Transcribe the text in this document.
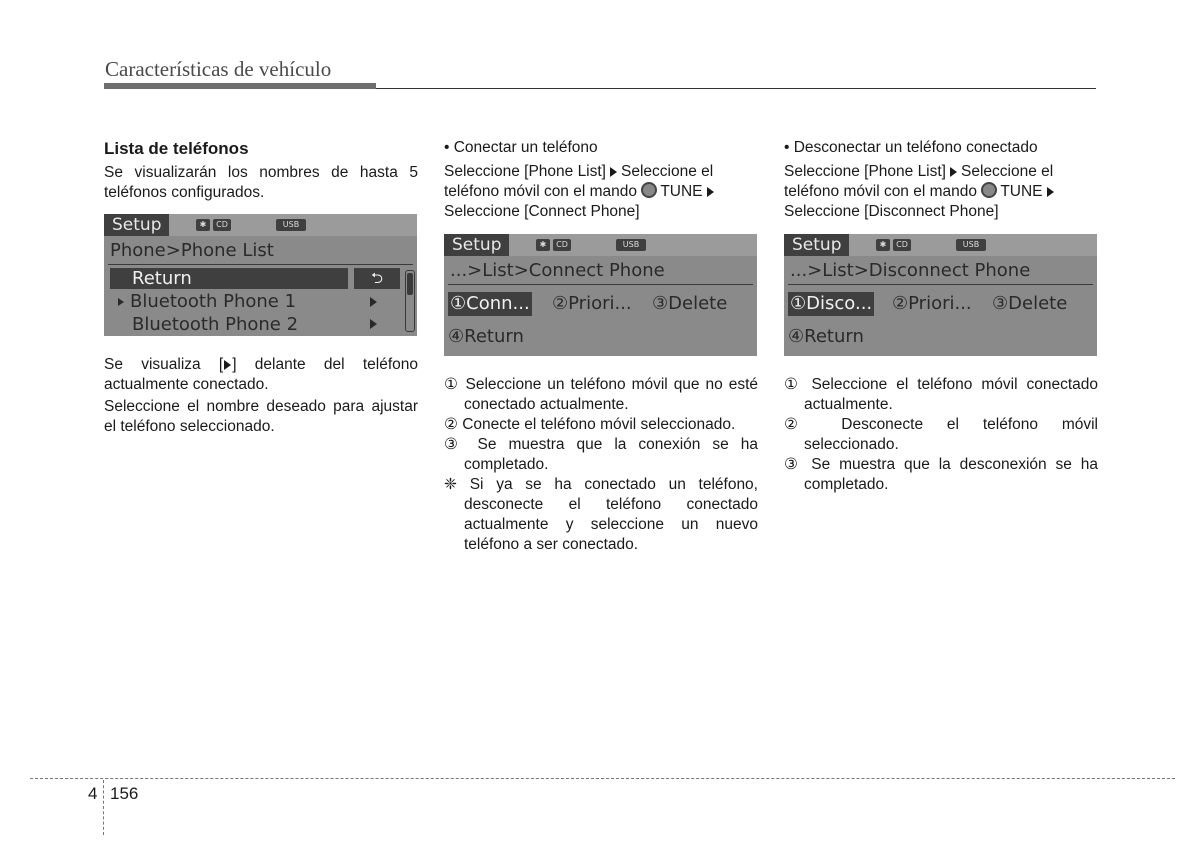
Características de vehículo
Lista de teléfonos

Se visualizarán los nombres de hasta 5 teléfonos configurados.

Setup	✱	CD	USB
Phone>Phone List
Return	⮌
Bluetooth Phone 1
Bluetooth Phone 2

Se visualiza [ ] delante del teléfono actualmente conectado.

Seleccione el nombre deseado para ajustar el teléfono seleccionado.

• Conectar un teléfono

Seleccione [Phone List] Seleccione el teléfono móvil con el mando TUNE
Seleccione [Connect Phone]

Setup	✱	CD	USB
...>List>Connect Phone
①Conn... ②Priori... ③Delete
④Return

① Seleccione un teléfono móvil que no esté conectado actualmente.

② Conecte el teléfono móvil seleccionado.

③ Se muestra que la conexión se ha completado.

❈ Si ya se ha conectado un teléfono, desconecte el teléfono conectado actualmente y seleccione un nuevo teléfono a ser conectado.

• Desconectar un teléfono conectado

Seleccione [Phone List] Seleccione el teléfono móvil con el mando TUNE
Seleccione [Disconnect Phone]

Setup	✱	CD	USB
...>List>Disconnect Phone
①Disco... ②Priori... ③Delete
④Return

① Seleccione el teléfono móvil conectado actualmente.

② Desconecte el teléfono móvil seleccionado.

③ Se muestra que la desconexión se ha completado.

4 156
